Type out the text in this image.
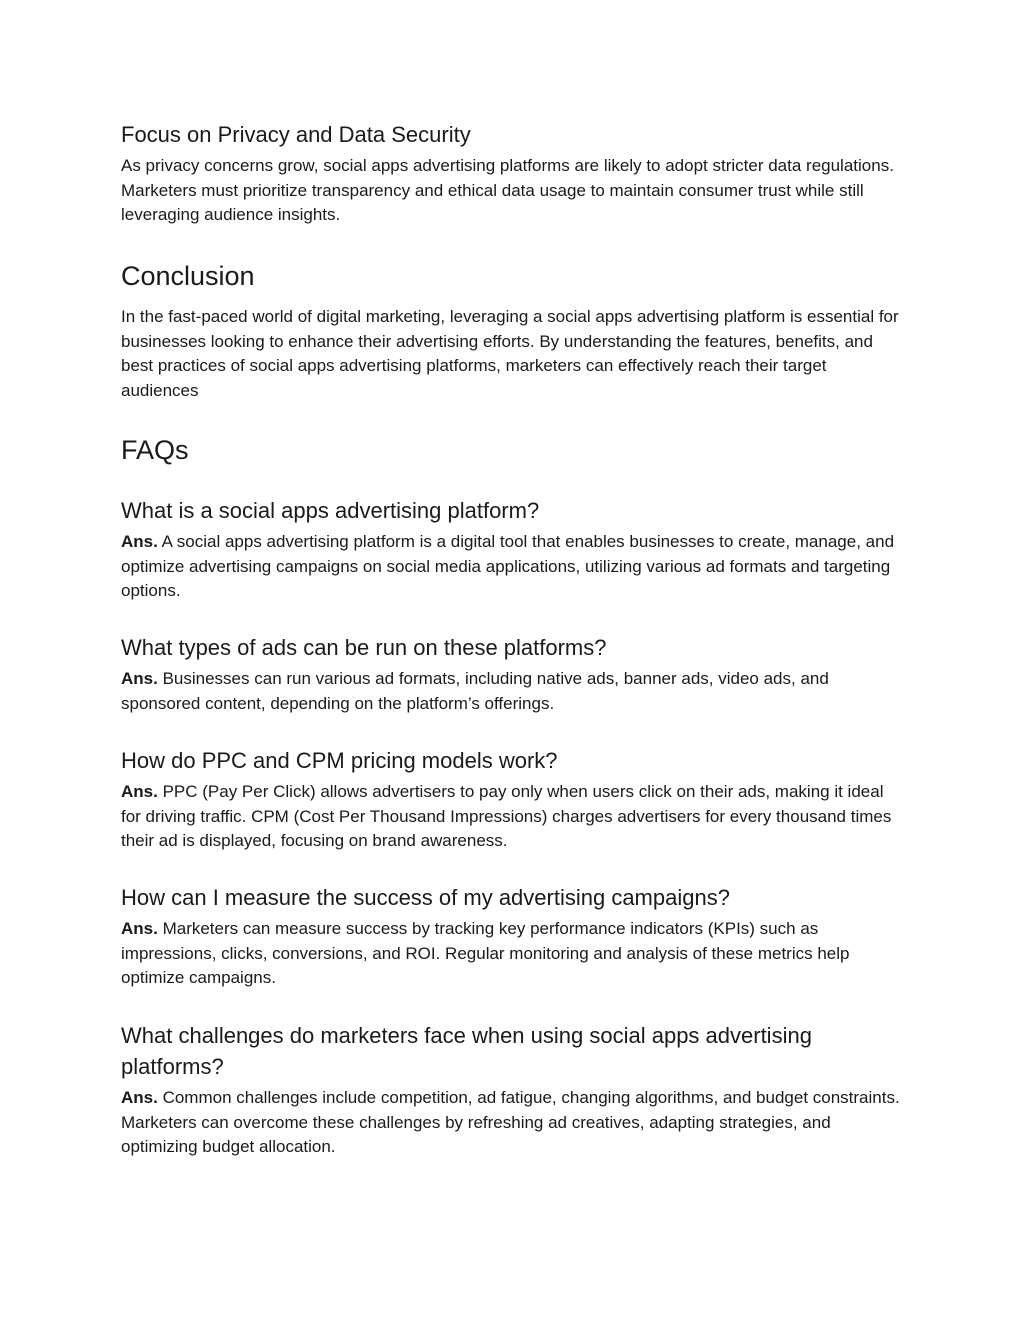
Focus on Privacy and Data Security

As privacy concerns grow, social apps advertising platforms are likely to adopt stricter data regulations. Marketers must prioritize transparency and ethical data usage to maintain consumer trust while still leveraging audience insights.

Conclusion

In the fast-paced world of digital marketing, leveraging a social apps advertising platform is essential for businesses looking to enhance their advertising efforts. By understanding the features, benefits, and best practices of social apps advertising platforms, marketers can effectively reach their target audiences

FAQs
What is a social apps advertising platform?

Ans. A social apps advertising platform is a digital tool that enables businesses to create, manage, and optimize advertising campaigns on social media applications, utilizing various ad formats and targeting options.

What types of ads can be run on these platforms?

Ans. Businesses can run various ad formats, including native ads, banner ads, video ads, and sponsored content, depending on the platform’s offerings.

How do PPC and CPM pricing models work?

Ans. PPC (Pay Per Click) allows advertisers to pay only when users click on their ads, making it ideal for driving traffic. CPM (Cost Per Thousand Impressions) charges advertisers for every thousand times their ad is displayed, focusing on brand awareness.

How can I measure the success of my advertising campaigns?

Ans. Marketers can measure success by tracking key performance indicators (KPIs) such as impressions, clicks, conversions, and ROI. Regular monitoring and analysis of these metrics help optimize campaigns.

What challenges do marketers face when using social apps advertising platforms?

Ans. Common challenges include competition, ad fatigue, changing algorithms, and budget constraints. Marketers can overcome these challenges by refreshing ad creatives, adapting strategies, and optimizing budget allocation.
